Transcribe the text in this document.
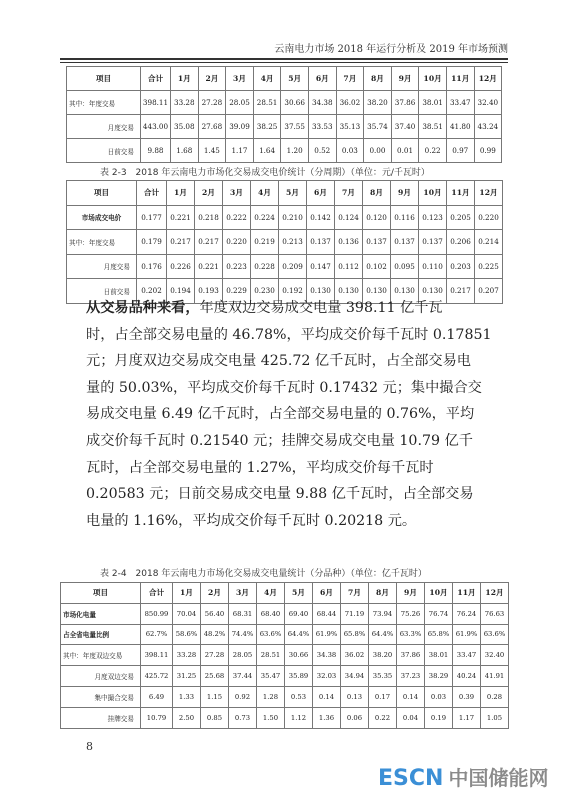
云南电力市场 2018 年运行分析及 2019 年市场预测
项目	合计	1月	2月	3月	4月	5月	6月	7月	8月	9月	10月	11月	12月
其中：年度交易	398.11	33.28	27.28	28.05	28.51	30.66	34.38	36.02	38.20	37.86	38.01	33.47	32.40
月度交易	443.00	35.08	27.68	39.09	38.25	37.55	33.53	35.13	35.74	37.40	38.51	41.80	43.24
日前交易	9.88	1.68	1.45	1.17	1.64	1.20	0.52	0.03	0.00	0.01	0.22	0.97	0.99
表 2-3　2018 年云南电力市场化交易成交电价统计（分周期）（单位：元/千瓦时）
项目	合计	1月	2月	3月	4月	5月	6月	7月	8月	9月	10月	11月	12月
市场成交电价	0.177	0.221	0.218	0.222	0.224	0.210	0.142	0.124	0.120	0.116	0.123	0.205	0.220
其中：年度交易	0.179	0.217	0.217	0.220	0.219	0.213	0.137	0.136	0.137	0.137	0.137	0.206	0.214
月度交易	0.176	0.226	0.221	0.223	0.228	0.209	0.147	0.112	0.102	0.095	0.110	0.203	0.225
日前交易	0.202	0.194	0.193	0.229	0.230	0.192	0.130	0.130	0.130	0.130	0.130	0.217	0.207
从交易品种来看，年度双边交易成交电量 398.11 亿千瓦
时，占全部交易电量的 46.78%，平均成交价每千瓦时 0.17851
元；月度双边交易成交电量 425.72 亿千瓦时，占全部交易电
量的 50.03%，平均成交价每千瓦时 0.17432 元；集中撮合交
易成交电量 6.49 亿千瓦时，占全部交易电量的 0.76%，平均
成交价每千瓦时 0.21540 元；挂牌交易成交电量 10.79 亿千
瓦时，占全部交易电量的 1.27%，平均成交价每千瓦时
0.20583 元；日前交易成交电量 9.88 亿千瓦时，占全部交易
电量的 1.16%，平均成交价每千瓦时 0.20218 元。
表 2-4　2018 年云南电力市场化交易成交电量统计（分品种）（单位：亿千瓦时）
项目	合计	1月	2月	3月	4月	5月	6月	7月	8月	9月	10月	11月	12月
市场化电量	850.99	70.04	56.40	68.31	68.40	69.40	68.44	71.19	73.94	75.26	76.74	76.24	76.63
占全省电量比例	62.7%	58.6%	48.2%	74.4%	63.6%	64.4%	61.9%	65.8%	64.4%	63.3%	65.8%	61.9%	63.6%
其中：年度双边交易	398.11	33.28	27.28	28.05	28.51	30.66	34.38	36.02	38.20	37.86	38.01	33.47	32.40
月度双边交易	425.72	31.25	25.68	37.44	35.47	35.89	32.03	34.94	35.35	37.23	38.29	40.24	41.91
集中撮合交易	6.49	1.33	1.15	0.92	1.28	0.53	0.14	0.13	0.17	0.14	0.03	0.39	0.28
挂牌交易	10.79	2.50	0.85	0.73	1.50	1.12	1.36	0.06	0.22	0.04	0.19	1.17	1.05
8
ESCN 中国储能网
